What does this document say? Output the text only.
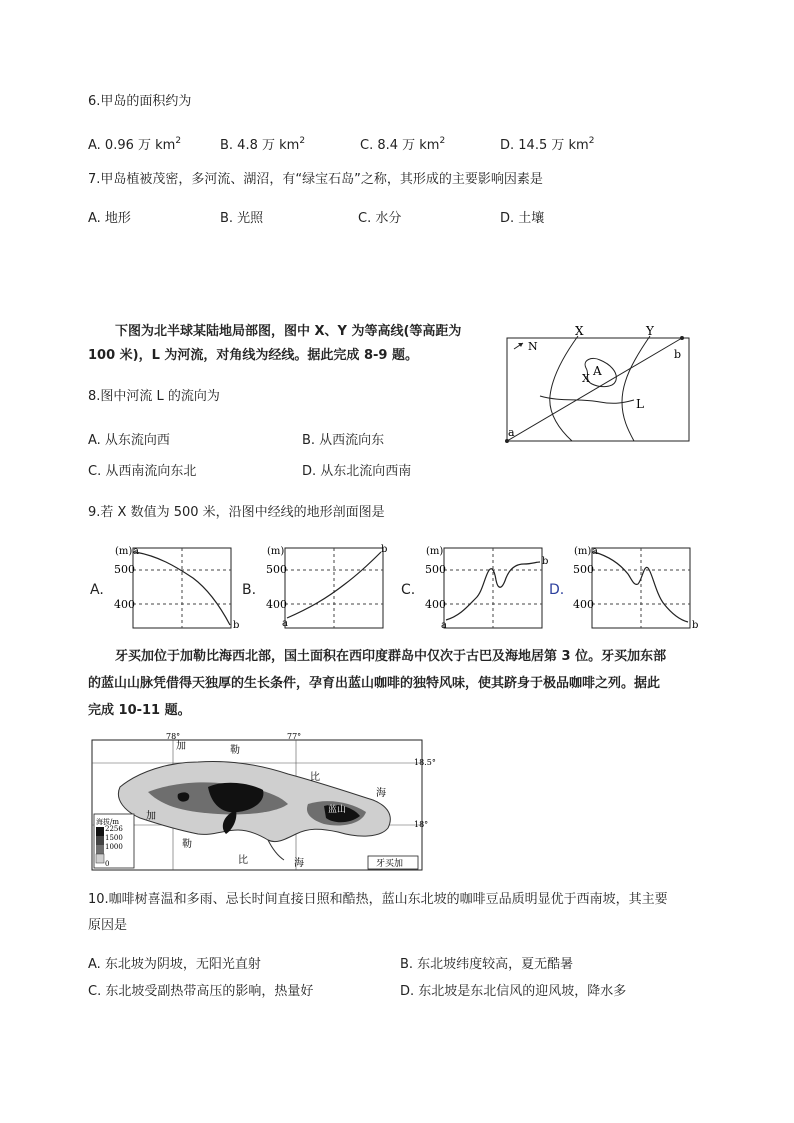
6.甲岛的面积约为
A. 0.96 万 $km^2$	B. 4.8 万 $km^2$	C. 8.4 万 $km^2$	D. 14.5 万 $km^2$
7.甲岛植被茂密，多河流、湖沼，有“绿宝石岛”之称，其形成的主要影响因素是
A. 地形	B. 光照	C. 水分	D. 土壤
下图为北半球某陆地局部图，图中 X、Y 为等高线(等高距为
100 米)，L 为河流，对角线为经线。据此完成 8-9 题。
N
a
b
X	Y
A
X
L
8.图中河流 L 的流向为
A. 从东流向西	B. 从西流向东
C. 从西南流向东北	D. 从东北流向西南
9.若 X 数值为 500 米，沿图中经线的地形剖面图是
A.
(m) a
500
400
b
B.
(m)
500
400
a
b
C.
(m)
500
400
a
b
D.
(m) a
500
400
b
牙买加位于加勒比海西北部，国土面积在西印度群岛中仅次于古巴及海地居第 3 位。牙买加东部
的蓝山山脉凭借得天独厚的生长条件，孕育出蓝山咖啡的独特风味，使其跻身于极品咖啡之列。据此
完成 10-11 题。
78°	77°
18.5°
18°
加	勒
比
海
加
勒
比	海
蓝山
海拔/m
2256
1500
1000
0	牙买加
10.咖啡树喜温和多雨、忌长时间直接日照和酷热，蓝山东北坡的咖啡豆品质明显优于西南坡，其主要
原因是
A. 东北坡为阴坡，无阳光直射	B. 东北坡纬度较高，夏无酷暑
C. 东北坡受副热带高压的影响，热量好	D. 东北坡是东北信风的迎风坡，降水多
